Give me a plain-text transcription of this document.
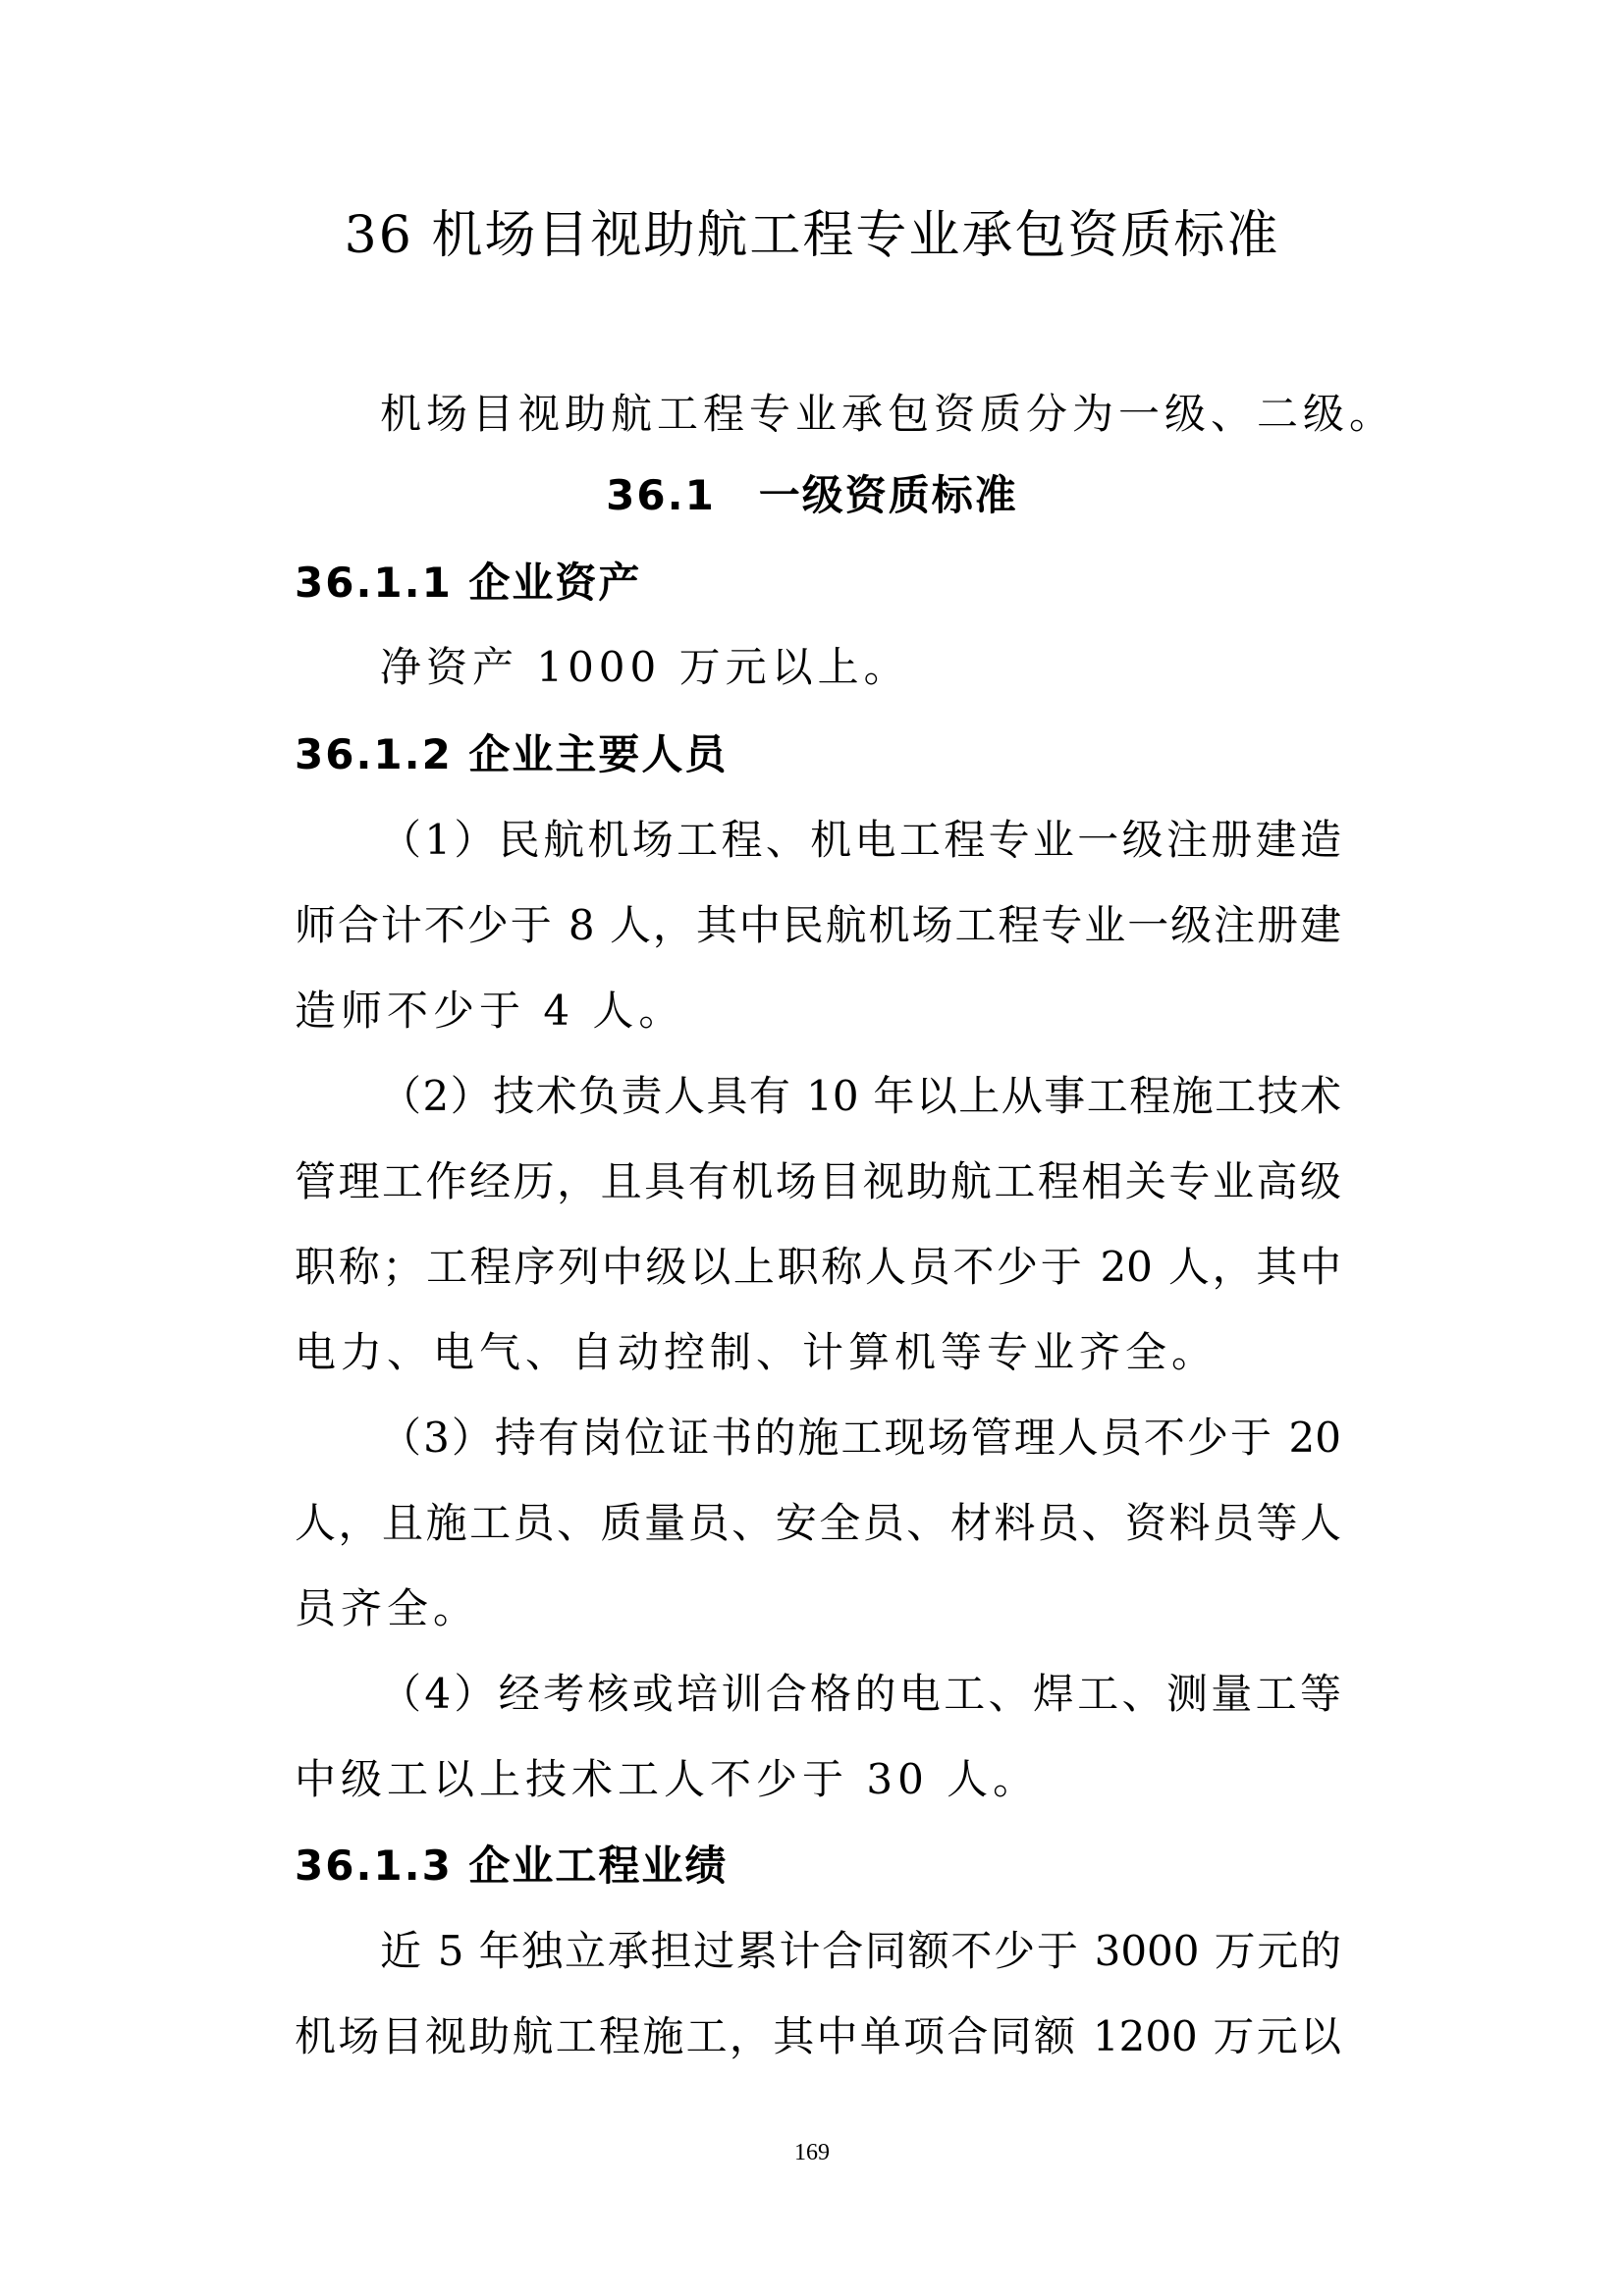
36 机场目视助航工程专业承包资质标准
机场目视助航工程专业承包资质分为一级、二级。
36.1　一级资质标准
36.1.1 企业资产
净资产 1000 万元以上。
36.1.2 企业主要人员
（1）民航机场工程、机电工程专业一级注册建造
师合计不少于 8 人，其中民航机场工程专业一级注册建
造师不少于 4 人。
（2）技术负责人具有 10 年以上从事工程施工技术
管理工作经历，且具有机场目视助航工程相关专业高级
职称；工程序列中级以上职称人员不少于 20 人，其中
电力、电气、自动控制、计算机等专业齐全。
（3）持有岗位证书的施工现场管理人员不少于 20
人，且施工员、质量员、安全员、材料员、资料员等人
员齐全。
（4）经考核或培训合格的电工、焊工、测量工等
中级工以上技术工人不少于 30 人。
36.1.3 企业工程业绩
近 5 年独立承担过累计合同额不少于 3000 万元的
机场目视助航工程施工，其中单项合同额 1200 万元以
169
